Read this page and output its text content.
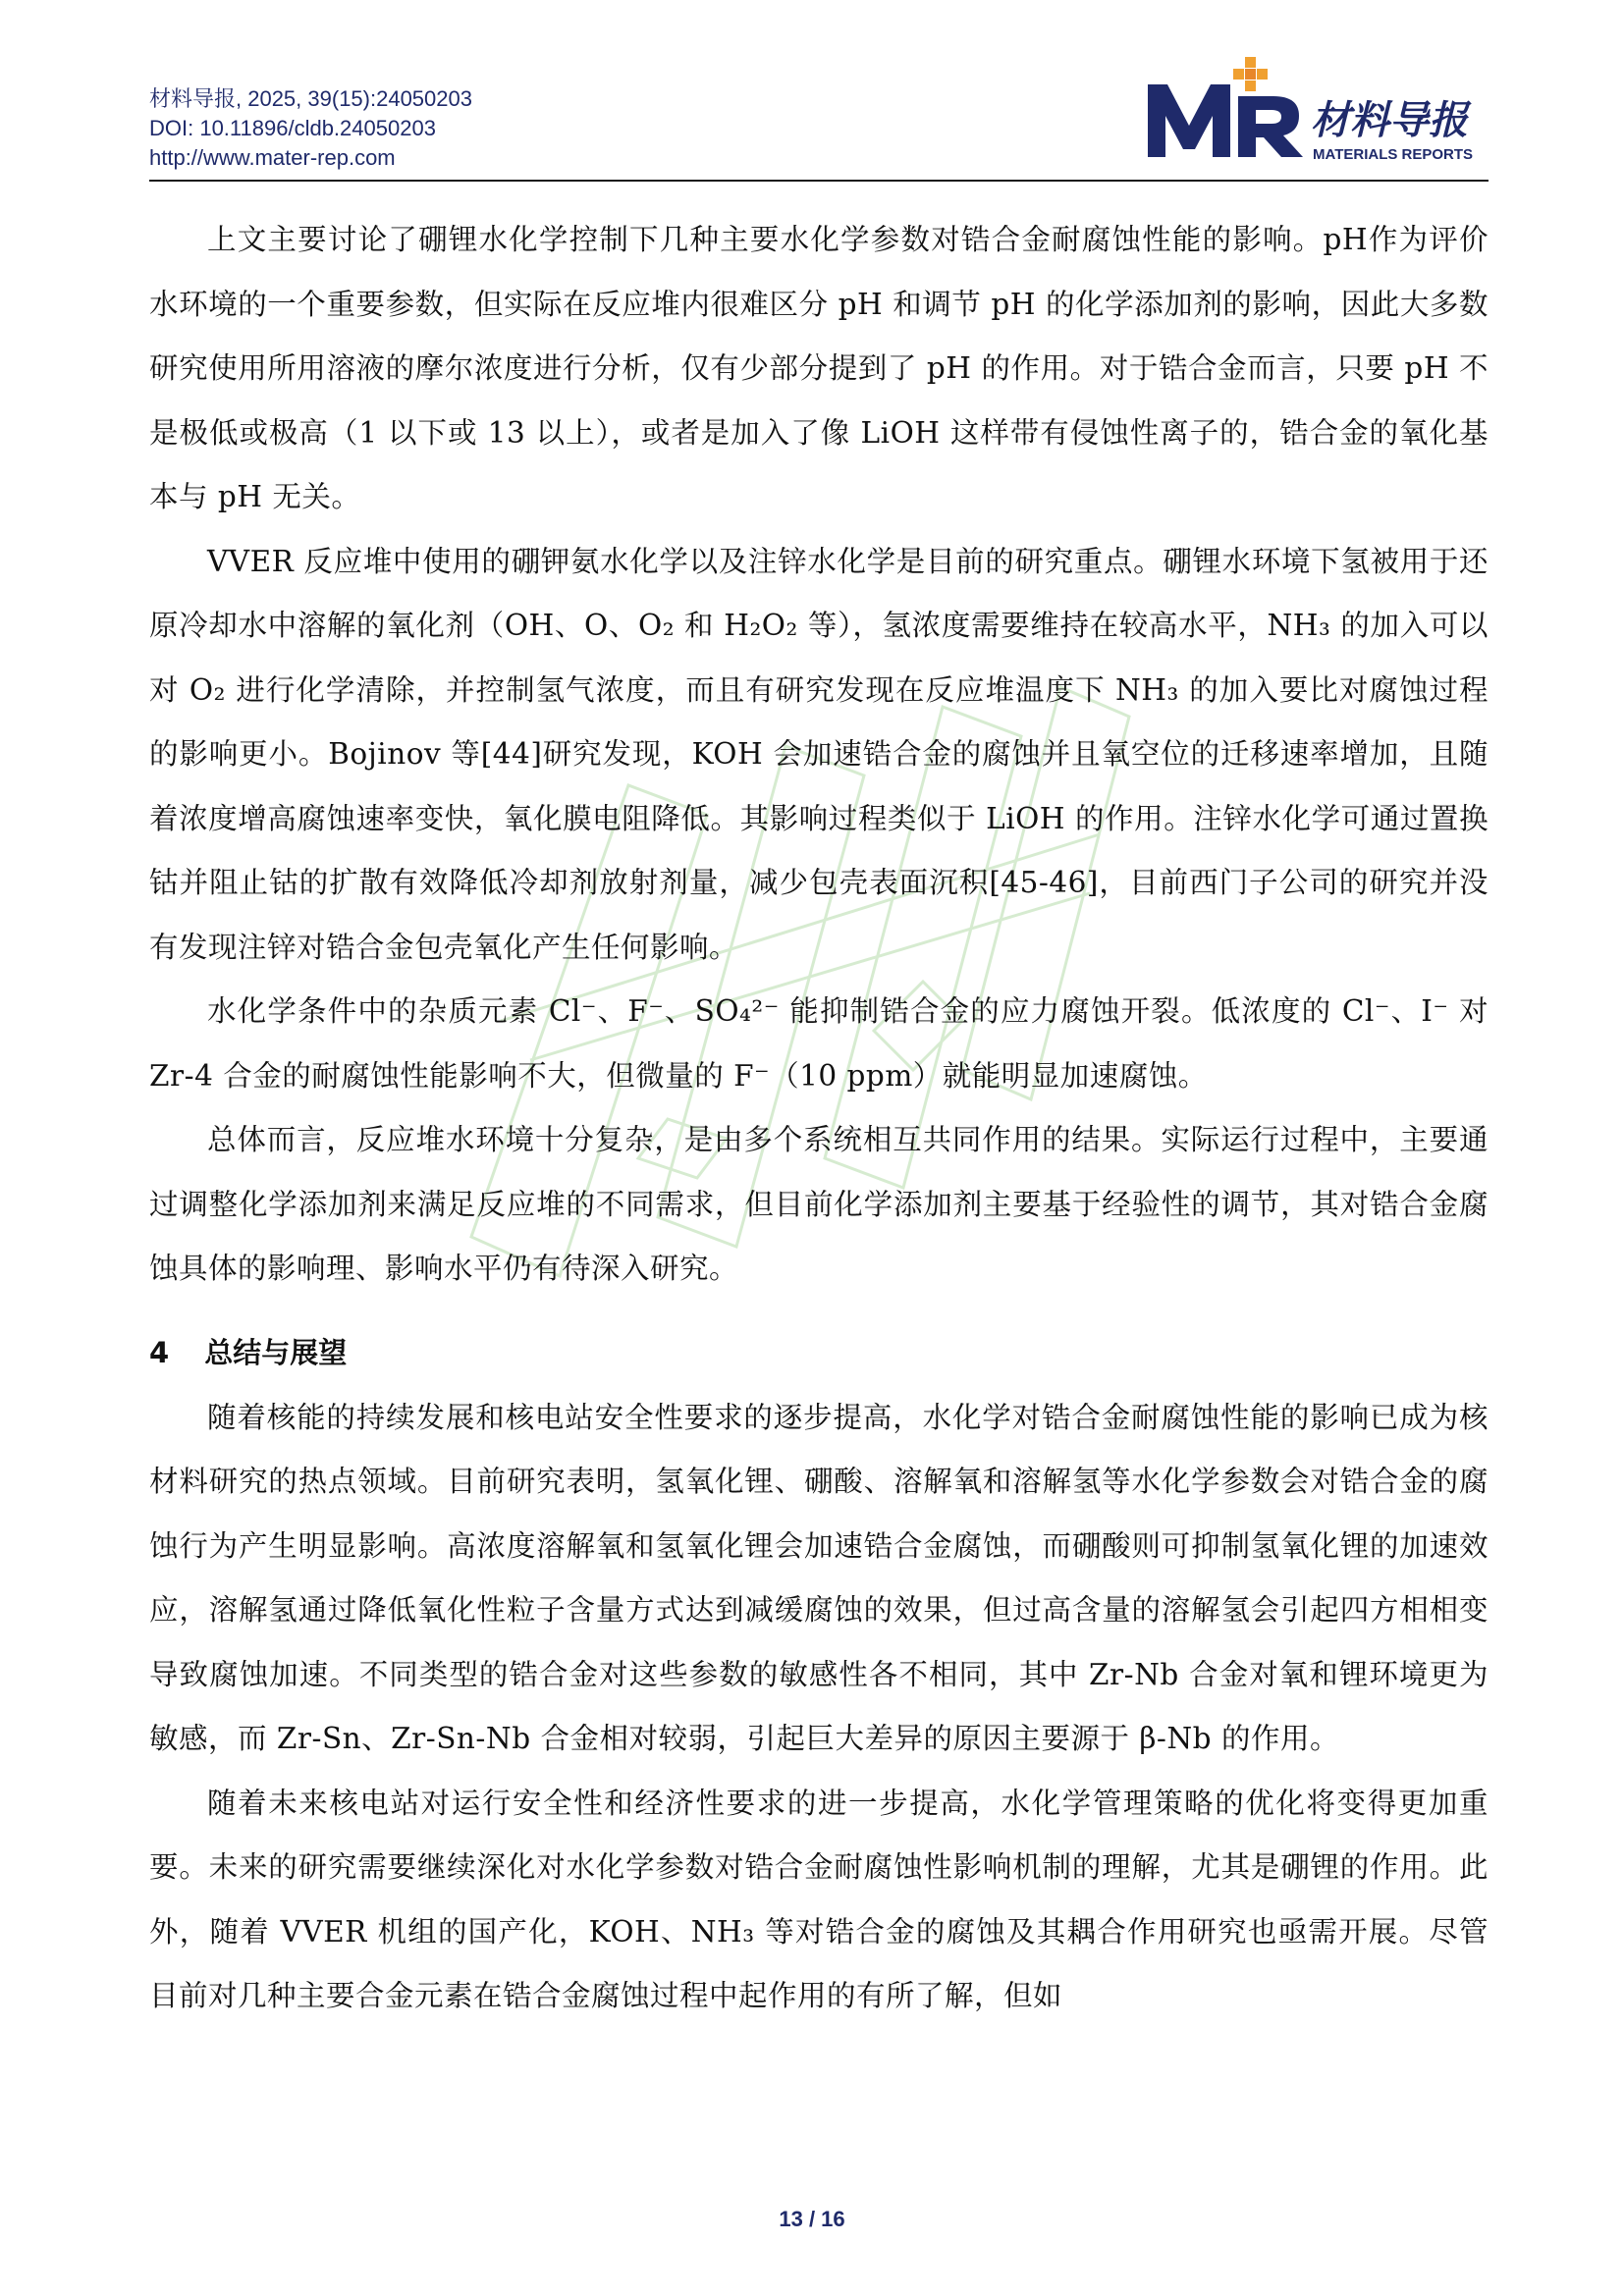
材料导报, 2025, 39(15):24050203
DOI: 10.11896/cldb.24050203
http://www.mater-rep.com
材料导报
MATERIALS REPORTS

上文主要讨论了硼锂水化学控制下几种主要水化学参数对锆合金耐腐蚀性能的影响。pH作为评价水环境的一个重要参数，但实际在反应堆内很难区分 pH 和调节 pH 的化学添加剂的影响，因此大多数研究使用所用溶液的摩尔浓度进行分析，仅有少部分提到了 pH 的作用。对于锆合金而言，只要 pH 不是极低或极高（1 以下或 13 以上），或者是加入了像 LiOH 这样带有侵蚀性离子的，锆合金的氧化基本与 pH 无关。

VVER 反应堆中使用的硼钾氨水化学以及注锌水化学是目前的研究重点。硼锂水环境下氢被用于还原冷却水中溶解的氧化剂（OH、O、O₂ 和 H₂O₂ 等），氢浓度需要维持在较高水平，NH₃ 的加入可以对 O₂ 进行化学清除，并控制氢气浓度，而且有研究发现在反应堆温度下 NH₃ 的加入要比对腐蚀过程的影响更小。Bojinov 等[44]研究发现，KOH 会加速锆合金的腐蚀并且氧空位的迁移速率增加，且随着浓度增高腐蚀速率变快，氧化膜电阻降低。其影响过程类似于 LiOH 的作用。注锌水化学可通过置换钴并阻止钴的扩散有效降低冷却剂放射剂量，减少包壳表面沉积[45-46]，目前西门子公司的研究并没有发现注锌对锆合金包壳氧化产生任何影响。

水化学条件中的杂质元素 Cl⁻、F⁻、SO₄²⁻ 能抑制锆合金的应力腐蚀开裂。低浓度的 Cl⁻、I⁻ 对 Zr-4 合金的耐腐蚀性能影响不大，但微量的 F⁻（10 ppm）就能明显加速腐蚀。

总体而言，反应堆水环境十分复杂，是由多个系统相互共同作用的结果。实际运行过程中，主要通过调整化学添加剂来满足反应堆的不同需求，但目前化学添加剂主要基于经验性的调节，其对锆合金腐蚀具体的影响理、影响水平仍有待深入研究。

4 总结与展望

随着核能的持续发展和核电站安全性要求的逐步提高，水化学对锆合金耐腐蚀性能的影响已成为核材料研究的热点领域。目前研究表明，氢氧化锂、硼酸、溶解氧和溶解氢等水化学参数会对锆合金的腐蚀行为产生明显影响。高浓度溶解氧和氢氧化锂会加速锆合金腐蚀，而硼酸则可抑制氢氧化锂的加速效应，溶解氢通过降低氧化性粒子含量方式达到减缓腐蚀的效果，但过高含量的溶解氢会引起四方相相变导致腐蚀加速。不同类型的锆合金对这些参数的敏感性各不相同，其中 Zr-Nb 合金对氧和锂环境更为敏感，而 Zr-Sn、Zr-Sn-Nb 合金相对较弱，引起巨大差异的原因主要源于 β-Nb 的作用。

随着未来核电站对运行安全性和经济性要求的进一步提高，水化学管理策略的优化将变得更加重要。未来的研究需要继续深化对水化学参数对锆合金耐腐蚀性影响机制的理解，尤其是硼锂的作用。此外，随着 VVER 机组的国产化，KOH、NH₃ 等对锆合金的腐蚀及其耦合作用研究也亟需开展。尽管目前对几种主要合金元素在锆合金腐蚀过程中起作用的有所了解，但如

13 / 16
